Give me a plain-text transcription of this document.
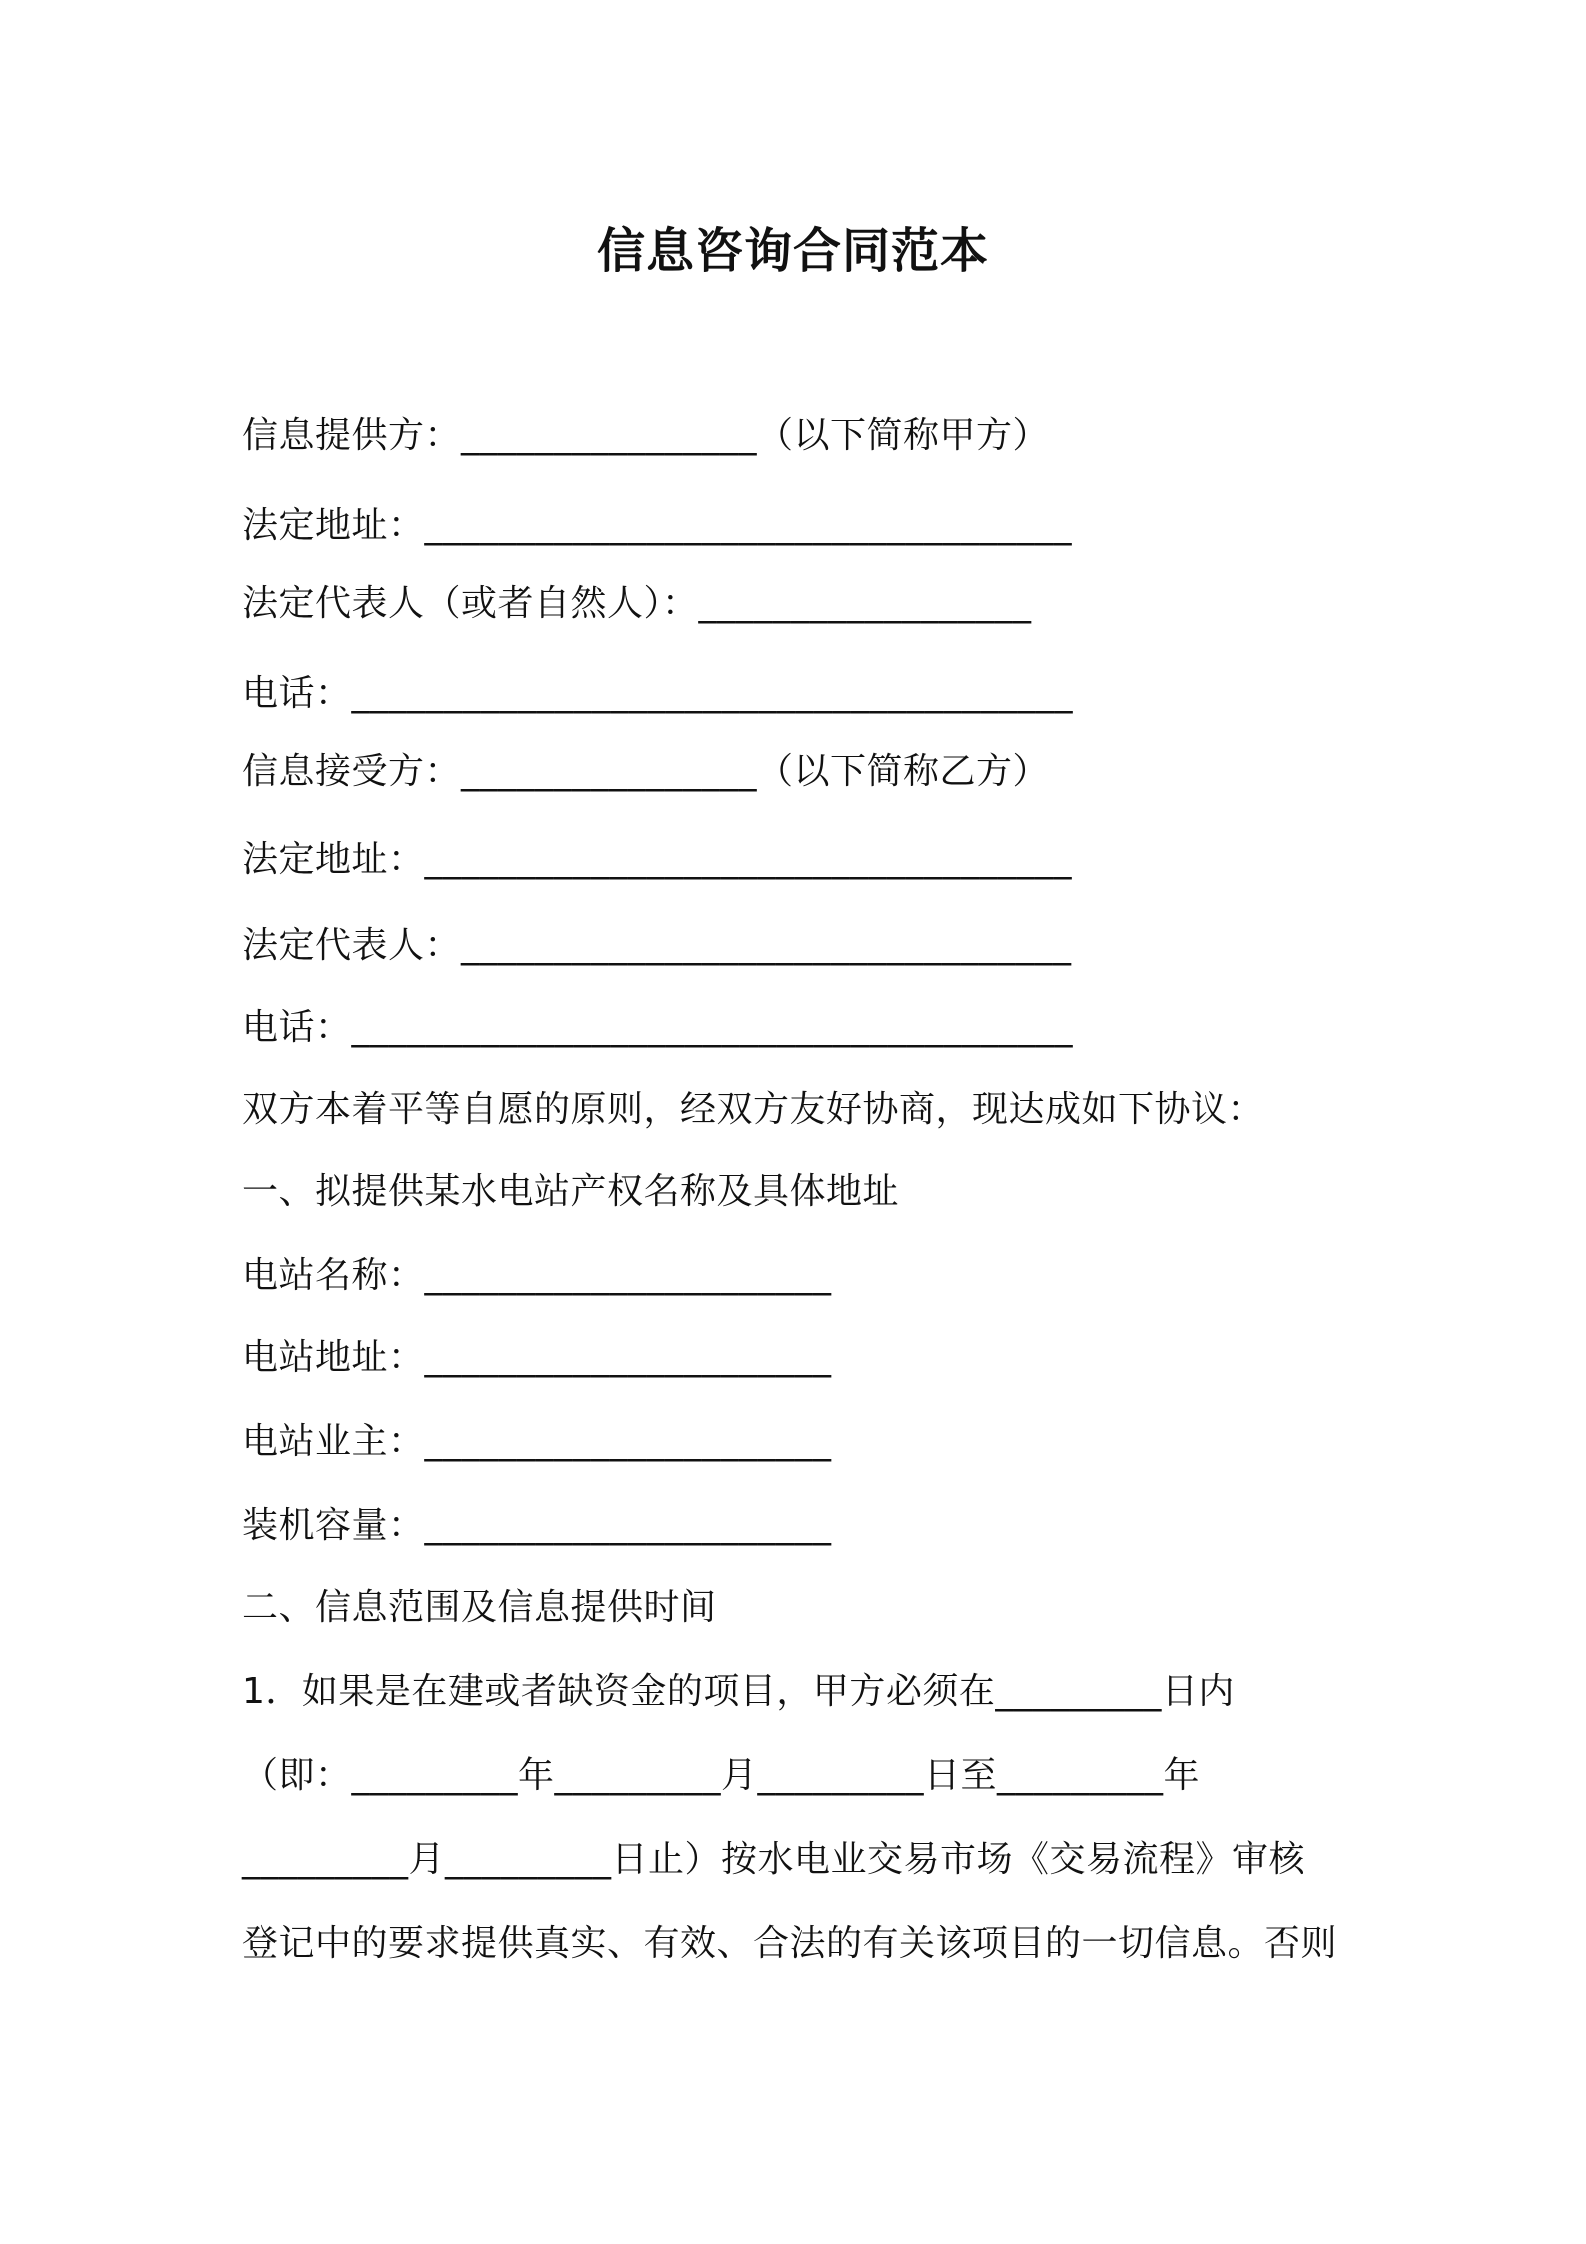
信息咨询合同范本
信息提供方：________________（以下简称甲方）
法定地址：___________________________________
法定代表人（或者自然人）：__________________
电话：_______________________________________
信息接受方：________________（以下简称乙方）
法定地址：___________________________________
法定代表人：_________________________________
电话：_______________________________________
双方本着平等自愿的原则，经双方友好协商，现达成如下协议：
一、拟提供某水电站产权名称及具体地址
电站名称：______________________
电站地址：______________________
电站业主：______________________
装机容量：______________________
二、信息范围及信息提供时间
1．如果是在建或者缺资金的项目，甲方必须在_________日内
（即：_________年_________月_________日至_________年
_________月_________日止）按水电业交易市场《交易流程》审核
登记中的要求提供真实、有效、合法的有关该项目的一切信息。否则
